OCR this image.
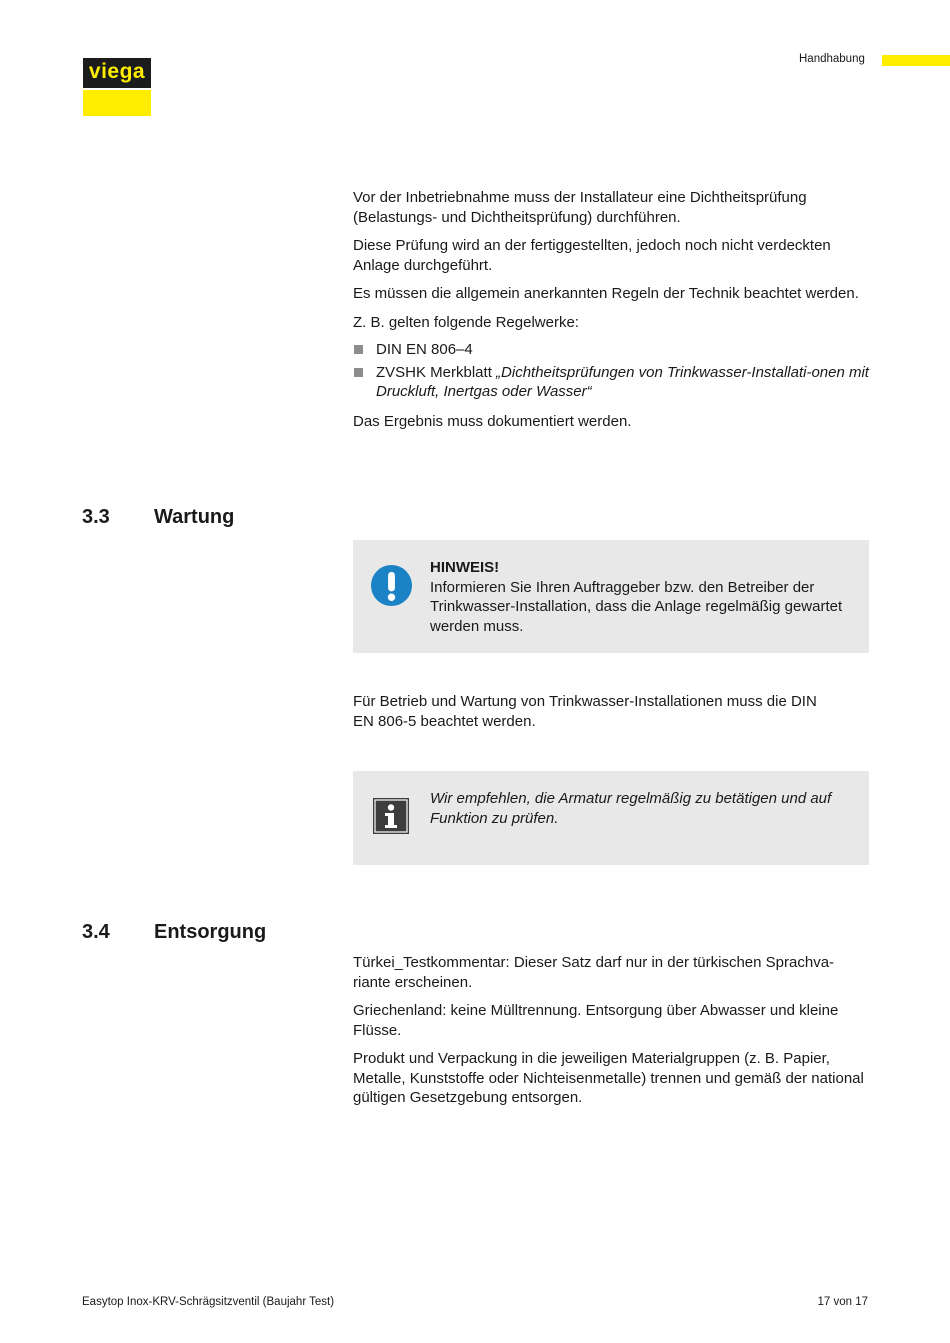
viega
Handhabung

Vor der Inbetriebnahme muss der Installateur eine Dichtheitsprüfung (Belastungs- und Dichtheitsprüfung) durchführen.

Diese Prüfung wird an der fertiggestellten, jedoch noch nicht verdeckten Anlage durchgeführt.

Es müssen die allgemein anerkannten Regeln der Technik beachtet werden.

Z. B. gelten folgende Regelwerke:

DIN EN 806–4
ZVSHK Merkblatt „Dichtheitsprüfungen von Trinkwasser-Installati-onen mit Druckluft, Inertgas oder Wasser“

Das Ergebnis muss dokumentiert werden.

3.3 Wartung
HINWEIS!
Informieren Sie Ihren Auftraggeber bzw. den Betreiber der Trinkwasser-Installation, dass die Anlage regelmäßig gewartet werden muss.
Für Betrieb und Wartung von Trinkwasser-Installationen muss die DIN EN 806-5 beachtet werden.
Wir empfehlen, die Armatur regelmäßig zu betätigen und auf Funktion zu prüfen.
3.4 Entsorgung

Türkei_Testkommentar: Dieser Satz darf nur in der türkischen Sprachva-riante erscheinen.

Griechenland: keine Mülltrennung. Entsorgung über Abwasser und kleine Flüsse.

Produkt und Verpackung in die jeweiligen Materialgruppen (z. B. Papier, Metalle, Kunststoffe oder Nichteisenmetalle) trennen und gemäß der national gültigen Gesetzgebung entsorgen.

Easytop Inox-KRV-Schrägsitzventil (Baujahr Test)	17 von 17
